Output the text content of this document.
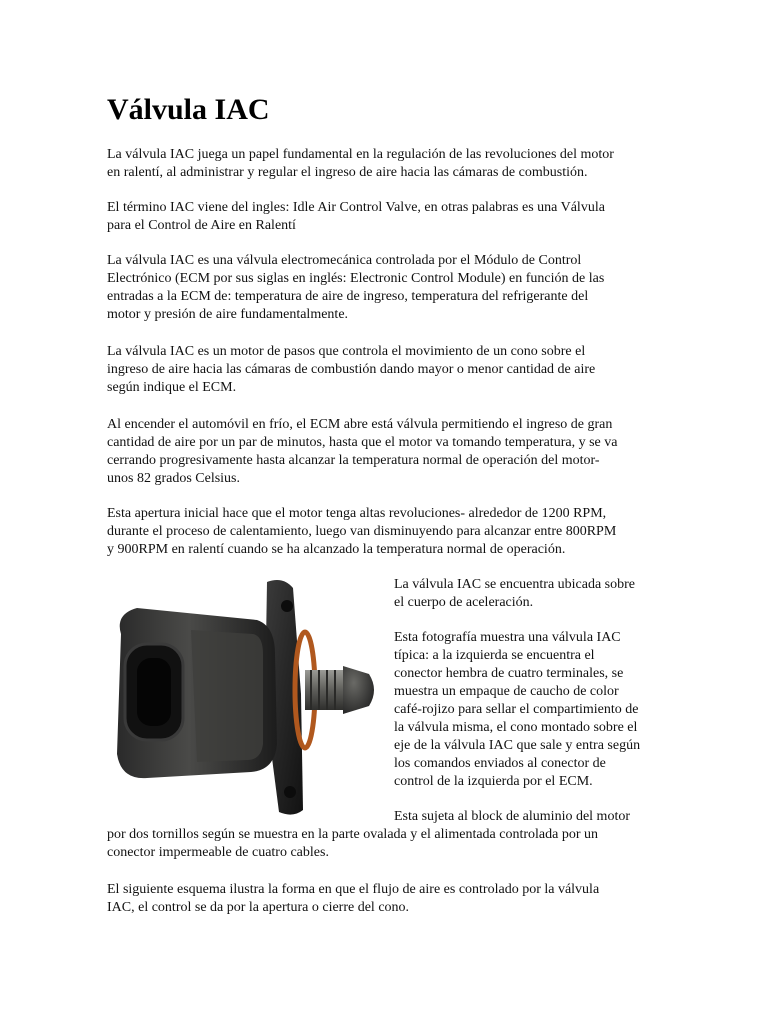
Válvula IAC
La válvula IAC juega un papel fundamental en la regulación de las revoluciones del motor
en ralentí, al administrar y regular el ingreso de aire hacia las cámaras de combustión.
El término IAC viene del ingles: Idle Air Control Valve, en otras palabras es una Válvula
para el Control de Aire en Ralentí
La válvula IAC es una válvula electromecánica controlada por el Módulo de Control
Electrónico (ECM por sus siglas en inglés: Electronic Control Module) en función de las
entradas a la ECM de: temperatura de aire de ingreso, temperatura del refrigerante del
motor y presión de aire fundamentalmente.
La válvula IAC es un motor de pasos que controla el movimiento de un cono sobre el
ingreso de aire hacia las cámaras de combustión dando mayor o menor cantidad de aire
según indique el ECM.
Al encender el automóvil en frío, el ECM abre está válvula permitiendo el ingreso de gran
cantidad de aire por un par de minutos, hasta que el motor va tomando temperatura, y se va
cerrando progresivamente hasta alcanzar la temperatura normal de operación del motor-
unos 82 grados Celsius.
Esta apertura inicial hace que el motor tenga altas revoluciones- alrededor de 1200 RPM,
durante el proceso de calentamiento, luego van disminuyendo para alcanzar entre 800RPM
y 900RPM en ralentí cuando se ha alcanzado la temperatura normal de operación.
La válvula IAC se encuentra ubicada sobre
el cuerpo de aceleración.
Esta fotografía muestra una válvula IAC
típica: a la izquierda se encuentra el
conector hembra de cuatro terminales, se
muestra un empaque de caucho de color
café-rojizo para sellar el compartimiento de
la válvula misma, el cono montado sobre el
eje de la válvula IAC que sale y entra según
los comandos enviados al conector de
control de la izquierda por el ECM.
Esta sujeta al block de aluminio del motor
por dos tornillos según se muestra en la parte ovalada y el alimentada controlada por un
conector impermeable de cuatro cables.
El siguiente esquema ilustra la forma en que el flujo de aire es controlado por la válvula
IAC, el control se da por la apertura o cierre del cono.
